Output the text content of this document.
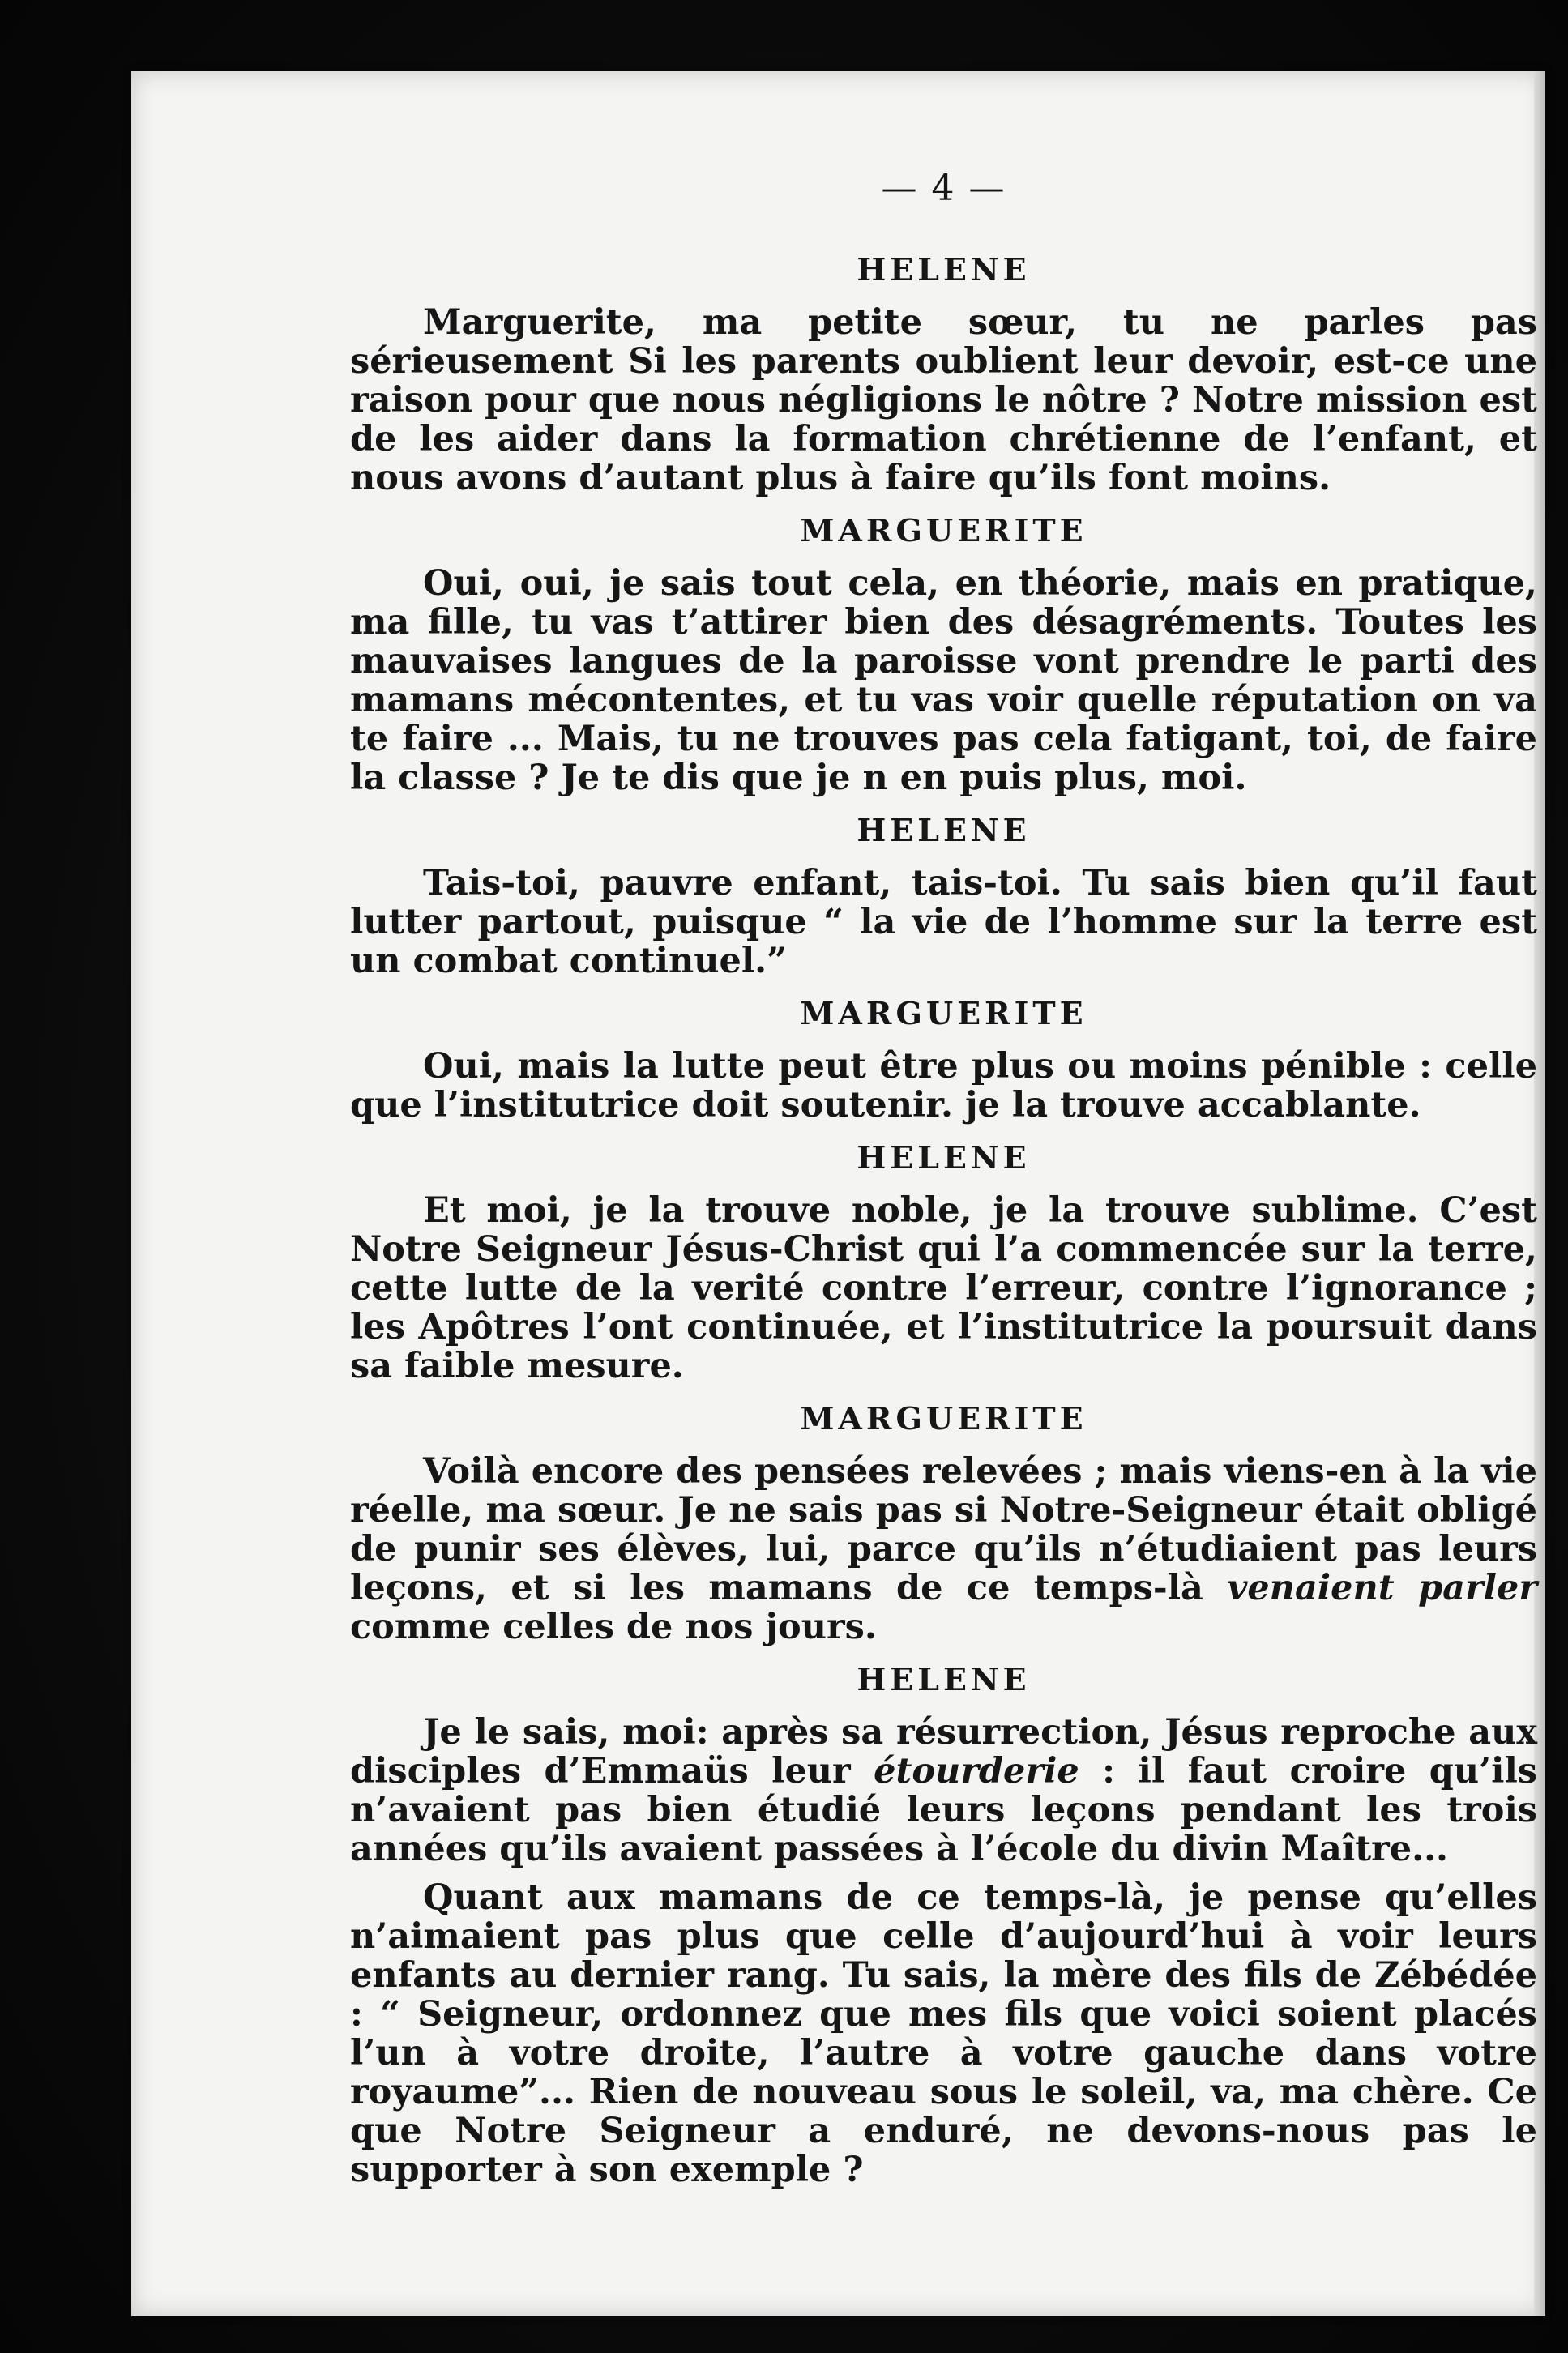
— 4 —
HELENE

Marguerite, ma petite sœur, tu ne parles pas sérieusement Si les parents oublient leur devoir, est-ce une raison pour que nous négligions le nôtre ? Notre mission est de les aider dans la formation chrétienne de l’enfant, et nous avons d’autant plus à faire qu’ils font moins.

MARGUERITE

Oui, oui, je sais tout cela, en théorie, mais en pratique, ma fille, tu vas t’attirer bien des désagréments. Toutes les mauvaises langues de la paroisse vont prendre le parti des mamans mécontentes, et tu vas voir quelle réputation on va te faire ... Mais, tu ne trouves pas cela fatigant, toi, de faire la classe ? Je te dis que je n en puis plus, moi.

HELENE

Tais-toi, pauvre enfant, tais-toi. Tu sais bien qu’il faut lutter partout, puisque “ la vie de l’homme sur la terre est un combat continuel.”

MARGUERITE

Oui, mais la lutte peut être plus ou moins pénible : celle que l’institutrice doit soutenir. je la trouve accablante.

HELENE

Et moi, je la trouve noble, je la trouve sublime. C’est Notre Seigneur Jésus-Christ qui l’a commencée sur la terre, cette lutte de la verité contre l’erreur, contre l’ignorance ; les Apôtres l’ont continuée, et l’institutrice la poursuit dans sa faible mesure.

MARGUERITE

Voilà encore des pensées relevées ; mais viens-en à la vie réelle, ma sœur. Je ne sais pas si Notre-Seigneur était obligé de punir ses élèves, lui, parce qu’ils n’étudiaient pas leurs leçons, et si les mamans de ce temps-là venaient parler comme celles de nos jours.

HELENE

Je le sais, moi: après sa résurrection, Jésus reproche aux disciples d’Emmaüs leur étourderie : il faut croire qu’ils n’avaient pas bien étudié leurs leçons pendant les trois années qu’ils avaient passées à l’école du divin Maître...

Quant aux mamans de ce temps-là, je pense qu’elles n’aimaient pas plus que celle d’aujourd’hui à voir leurs enfants au dernier rang. Tu sais, la mère des fils de Zébédée : “ Seigneur, ordonnez que mes fils que voici soient placés l’un à votre droite, l’autre à votre gauche dans votre royaume”... Rien de nouveau sous le soleil, va, ma chère. Ce que Notre Seigneur a enduré, ne devons-nous pas le supporter à son exemple ?
